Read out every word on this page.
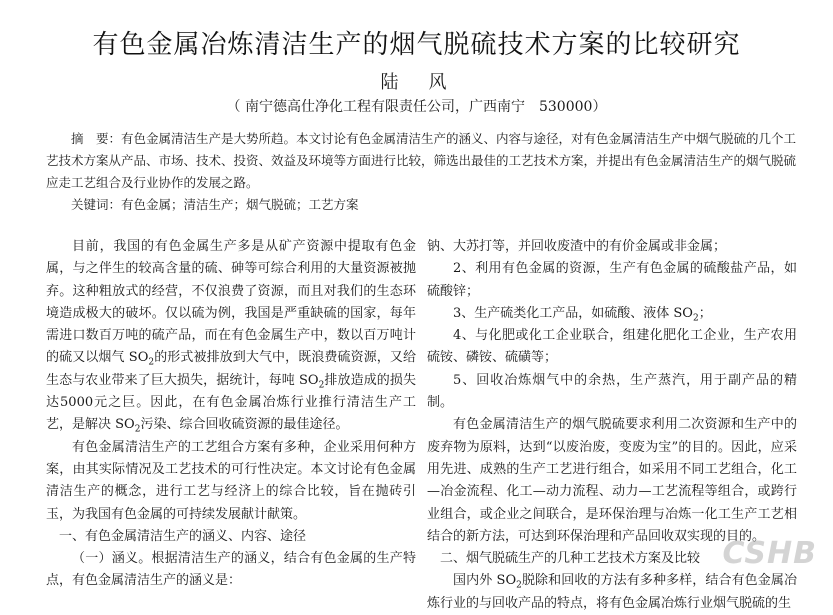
有色金属冶炼清洁生产的烟气脱硫技术方案的比较研究
陆　风
（ 南宁德高仕净化工程有限责任公司，广西南宁　530000）
摘　要：有色金属清洁生产是大势所趋。本文讨论有色金属清洁生产的涵义、内容与途径，对有色金属清洁生产中烟气脱硫的几个工艺技术方案从产品、市场、技术、投资、效益及环境等方面进行比较，筛选出最佳的工艺技术方案，并提出有色金属清洁生产的烟气脱硫应走工艺组合及行业协作的发展之路。
关键词：有色金属；清洁生产；烟气脱硫；工艺方案

目前，我国的有色金属生产多是从矿产资源中提取有色金属，与之伴生的较高含量的硫、砷等可综合利用的大量资源被抛弃。这种粗放式的经营，不仅浪费了资源，而且对我们的生态环境造成极大的破坏。仅以硫为例，我国是严重缺硫的国家，每年需进口数百万吨的硫产品，而在有色金属生产中，数以百万吨计的硫又以烟气 $SO_2$的形式被排放到大气中，既浪费硫资源，又给生态与农业带来了巨大损失，据统计，每吨 $SO_2$排放造成的损失达5000元之巨。因此，在有色金属冶炼行业推行清洁生产工艺，是解决 $SO_2$污染、综合回收硫资源的最佳途径。

有色金属清洁生产的工艺组合方案有多种，企业采用何种方案，由其实际情况及工艺技术的可行性决定。本文讨论有色金属清洁生产的概念，进行工艺与经济上的综合比较，旨在抛砖引玉，为我国有色金属的可持续发展献计献策。

一、有色金属清洁生产的涵义、内容、途径

（一）涵义。根据清洁生产的涵义，结合有色金属的生产特点，有色金属清洁生产的涵义是：

钠、大苏打等，并回收废渣中的有价金属或非金属；

2、利用有色金属的资源，生产有色金属的硫酸盐产品，如硫酸锌；

3、生产硫类化工产品，如硫酸、液体 $SO_2$；

4、与化肥或化工企业联合，组建化肥化工企业，生产农用硫铵、磷铵、硫磺等；

5、回收冶炼烟气中的余热，生产蒸汽，用于副产品的精制。

有色金属清洁生产的烟气脱硫要求利用二次资源和生产中的废弃物为原料，达到“以废治废，变废为宝”的目的。因此，应采用先进、成熟的生产工艺进行组合，如采用不同工艺组合，化工—冶金流程、化工—动力流程、动力—工艺流程等组合，或跨行业组合，或企业之间联合，是环保治理与冶炼一化工生产工艺相结合的新方法，可达到环保治理和产品回收双实现的目的。

二、烟气脱硫生产的几种工艺技术方案及比较

国内外 $SO_2$脱除和回收的方法有多种多样，结合有色金属冶炼行业的与回收产品的特点，将有色金属冶炼行业烟气脱硫的生

CSHB
